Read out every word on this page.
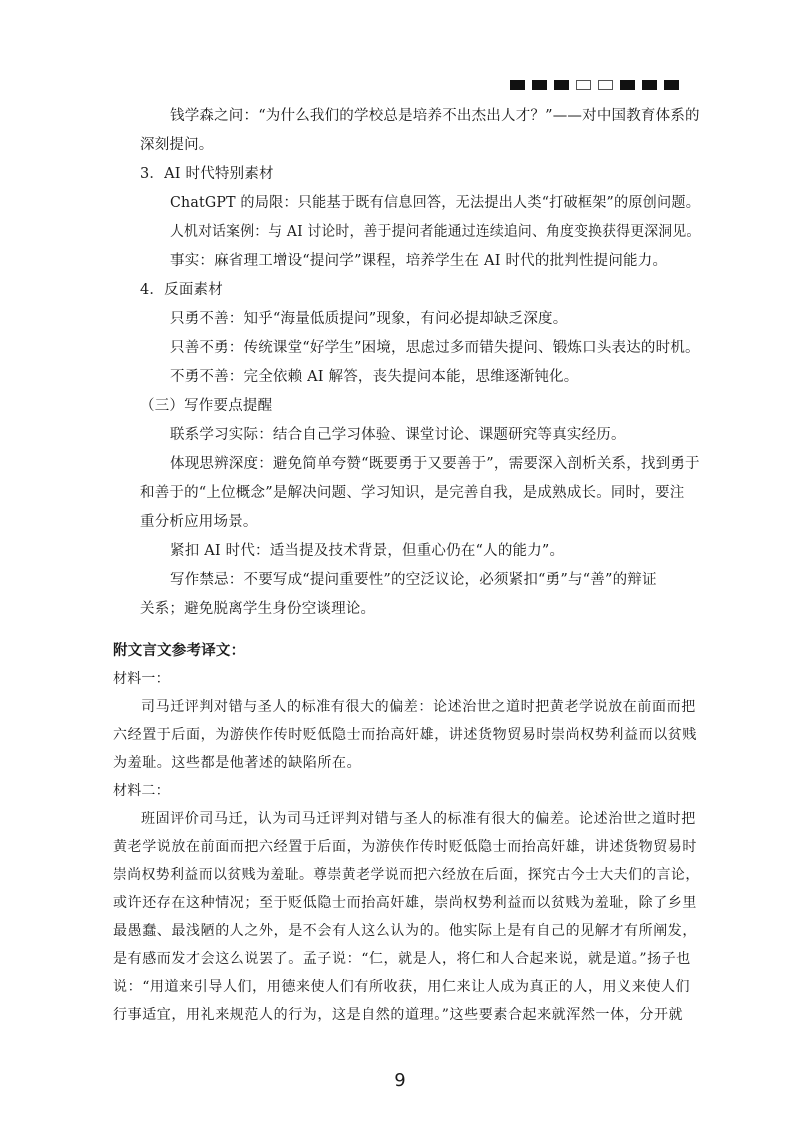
钱学森之问：“为什么我们的学校总是培养不出杰出人才？”——对中国教育体系的
深刻提问。
3．AI 时代特别素材
ChatGPT 的局限：只能基于既有信息回答，无法提出人类“打破框架”的原创问题。
人机对话案例：与 AI 讨论时，善于提问者能通过连续追问、角度变换获得更深洞见。
事实：麻省理工增设“提问学”课程，培养学生在 AI 时代的批判性提问能力。
4．反面素材
只勇不善：知乎“海量低质提问”现象，有问必提却缺乏深度。
只善不勇：传统课堂“好学生”困境，思虑过多而错失提问、锻炼口头表达的时机。
不勇不善：完全依赖 AI 解答，丧失提问本能，思维逐渐钝化。
（三）写作要点提醒
联系学习实际：结合自己学习体验、课堂讨论、课题研究等真实经历。
体现思辨深度：避免简单夸赞“既要勇于又要善于”，需要深入剖析关系，找到勇于
和善于的“上位概念”是解决问题、学习知识，是完善自我，是成熟成长。同时，要注
重分析应用场景。
紧扣 AI 时代：适当提及技术背景，但重心仍在“人的能力”。
写作禁忌：不要写成“提问重要性”的空泛议论，必须紧扣“勇”与“善”的辩证
关系；避免脱离学生身份空谈理论。
附文言文参考译文：
材料一：
司马迁评判对错与圣人的标准有很大的偏差：论述治世之道时把黄老学说放在前面而把
六经置于后面，为游侠作传时贬低隐士而抬高奸雄，讲述货物贸易时崇尚权势利益而以贫贱
为羞耻。这些都是他著述的缺陷所在。
材料二：
班固评价司马迁，认为司马迁评判对错与圣人的标准有很大的偏差。论述治世之道时把
黄老学说放在前面而把六经置于后面，为游侠作传时贬低隐士而抬高奸雄，讲述货物贸易时
崇尚权势利益而以贫贱为羞耻。尊崇黄老学说而把六经放在后面，探究古今士大夫们的言论，
或许还存在这种情况；至于贬低隐士而抬高奸雄，崇尚权势利益而以贫贱为羞耻，除了乡里
最愚蠢、最浅陋的人之外，是不会有人这么认为的。他实际上是有自己的见解才有所阐发，
是有感而发才会这么说罢了。孟子说：“仁，就是人，将仁和人合起来说，就是道。”扬子也
说：“用道来引导人们，用德来使人们有所收获，用仁来让人成为真正的人，用义来使人们
行事适宜，用礼来规范人的行为，这是自然的道理。”这些要素合起来就浑然一体，分开就
9
